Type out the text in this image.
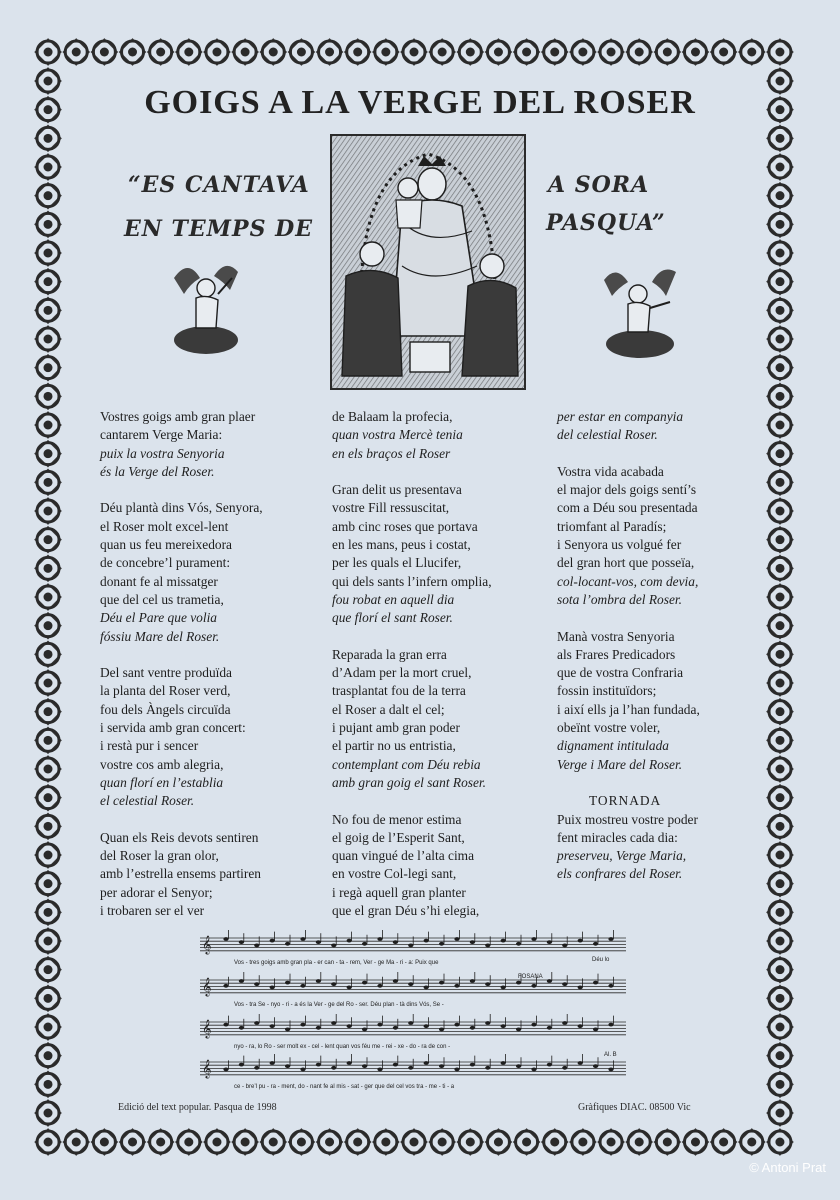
GOIGS A LA VERGE DEL ROSER
“ES CANTAVA	A SORA
EN TEMPS DE	PASQUA”

Vostres goigs amb gran plaer

cantarem Verge Maria:

puix la vostra Senyoria

és la Verge del Roser.

Déu plantà dins Vós, Senyora,

el Roser molt excel-lent

quan us feu mereixedora

de concebre’l purament:

donant fe al missatger

que del cel us trametia,

Déu el Pare que volia

fóssiu Mare del Roser.

Del sant ventre produïda

la planta del Roser verd,

fou dels Àngels circuïda

i servida amb gran concert:

i restà pur i sencer

vostre cos amb alegria,

quan florí en l’establia

el celestial Roser.

Quan els Reis devots sentiren

del Roser la gran olor,

amb l’estrella ensems partiren

per adorar el Senyor;

i trobaren ser el ver

de Balaam la profecia,

quan vostra Mercè tenia

en els braços el Roser

Gran delit us presentava

vostre Fill ressuscitat,

amb cinc roses que portava

en les mans, peus i costat,

per les quals el Llucifer,

qui dels sants l’infern omplia,

fou robat en aquell dia

que florí el sant Roser.

Reparada la gran erra

d’Adam per la mort cruel,

trasplantat fou de la terra

el Roser a dalt el cel;

i pujant amb gran poder

el partir no us entristia,

contemplant com Déu rebia

amb gran goig el sant Roser.

No fou de menor estima

el goig de l’Esperit Sant,

quan vingué de l’alta cima

en vostre Col-legi sant,

i regà aquell gran planter

que el gran Déu s’hi elegia,

per estar en companyia

del celestial Roser.

Vostra vida acabada

el major dels goigs sentí’s

com a Déu sou presentada

triomfant al Paradís;

i Senyora us volgué fer

del gran hort que posseïa,

col-locant-vos, com devia,

sota l’ombra del Roser.

Manà vostra Senyoria

als Frares Predicadors

que de vostra Confraria

fossin instituïdors;

i així ells ja l’han fundada,

obeïnt vostre voler,

dignament intitulada

Verge i Mare del Roser.

TORNADA

Puix mostreu vostre poder

fent miracles cada dia:

preserveu, Verge Maria,

els confrares del Roser.

𝄞
Vos - tres goigs amb gran pla - er can - ta - rem, Ver - ge Ma - ri - a: Puix que
𝄞
Vos - tra Se - nyo - ri - a és la Ver - ge del Ro - ser. Déu plan - tà dins Vós, Se -
𝄞
nyo - ra, lo Ro - ser molt ex - cel - lent quan vos féu me - rei - xe - do - ra de con -
𝄞
ce - bre’l pu - ra - ment, do - nant fe al mis - sat - ger que del cel vos tra - me - ti - a
Déu lo
FOSANA
Al. B
Edició del text popular. Pasqua de 1998	Gràfiques DIAC. 08500 Vic
© Antoni Prat
